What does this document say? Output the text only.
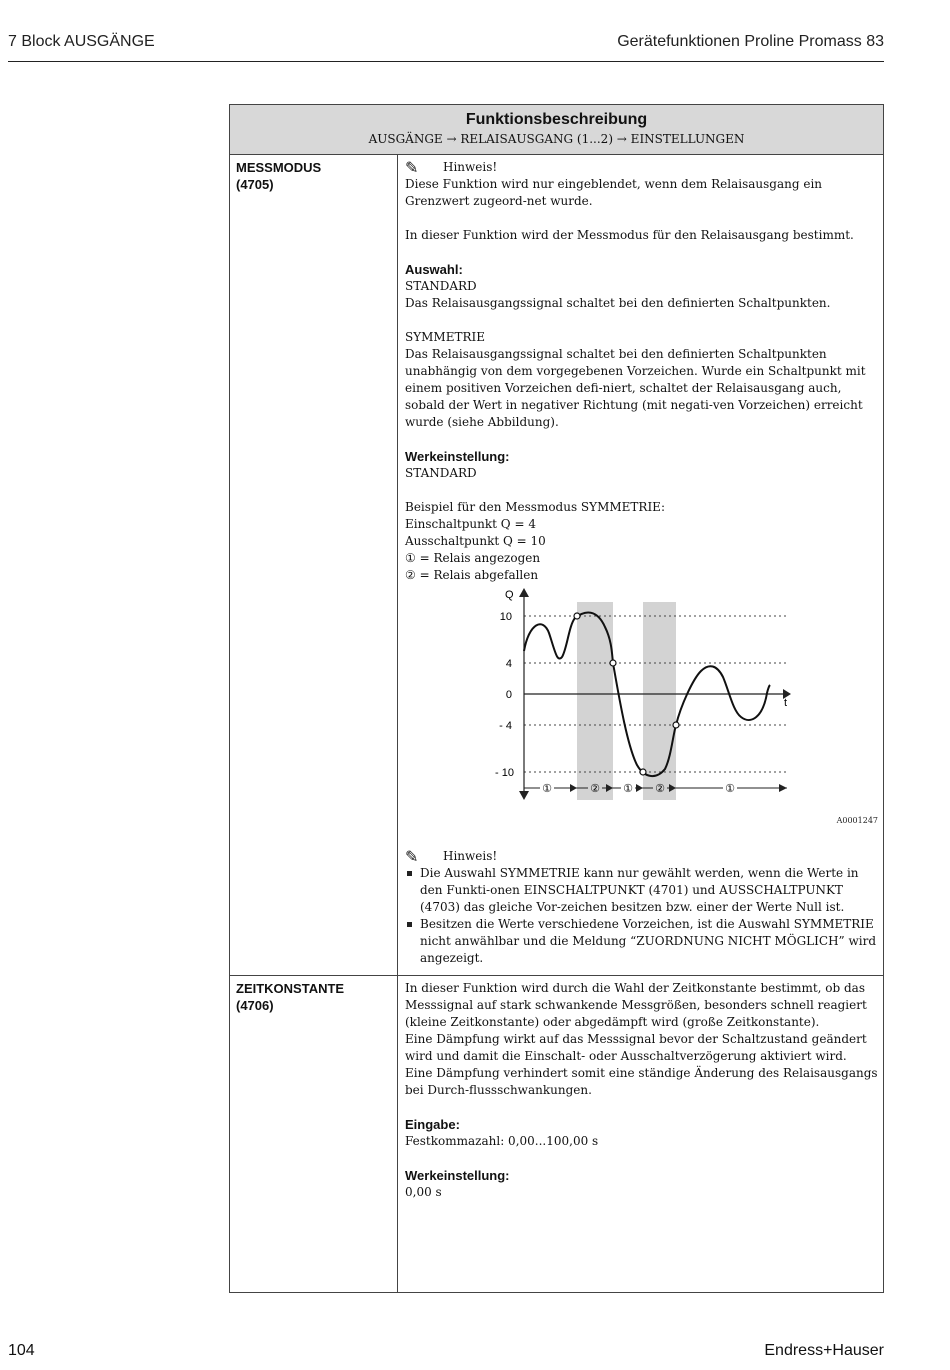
7 Block AUSGÄNGE	Gerätefunktionen Proline Promass 83
Funktionsbeschreibung
AUSGÄNGE → RELAISAUSGANG (1...2) → EINSTELLUNGEN
MESSMODUS
(4705)
✎	Hinweis!

Diese Funktion wird nur eingeblendet, wenn dem Relaisausgang ein Grenzwert zugeord-net wurde.

In dieser Funktion wird der Messmodus für den Relaisausgang bestimmt.

Auswahl:

STANDARD

Das Relaisausgangssignal schaltet bei den definierten Schaltpunkten.

SYMMETRIE

Das Relaisausgangssignal schaltet bei den definierten Schaltpunkten unabhängig von dem vorgegebenen Vorzeichen. Wurde ein Schaltpunkt mit einem positiven Vorzeichen defi-niert, schaltet der Relaisausgang auch, sobald der Wert in negativer Richtung (mit negati-ven Vorzeichen) erreicht wurde (siehe Abbildung).

Werkeinstellung:

STANDARD

Beispiel für den Messmodus SYMMETRIE:

Einschaltpunkt Q = 4

Ausschaltpunkt Q = 10

① = Relais angezogen

② = Relais abgefallen

Q
t
10
4
0
- 4
- 10
①	② ① ②	①
A0001247
✎	Hinweis!
Die Auswahl SYMMETRIE kann nur gewählt werden, wenn die Werte in den Funkti-onen EINSCHALTPUNKT (4701) und AUSSCHALTPUNKT (4703) das gleiche Vor-zeichen besitzen bzw. einer der Werte Null ist.
Besitzen die Werte verschiedene Vorzeichen, ist die Auswahl SYMMETRIE nicht anwählbar und die Meldung “ZUORDNUNG NICHT MÖGLICH” wird angezeigt.
ZEITKONSTANTE
(4706)

In dieser Funktion wird durch die Wahl der Zeitkonstante bestimmt, ob das Messsignal auf stark schwankende Messgrößen, besonders schnell reagiert (kleine Zeitkonstante) oder abgedämpft wird (große Zeitkonstante).

Eine Dämpfung wirkt auf das Messsignal bevor der Schaltzustand geändert wird und damit die Einschalt- oder Ausschaltverzögerung aktiviert wird.

Eine Dämpfung verhindert somit eine ständige Änderung des Relaisausgangs bei Durch-flussschwankungen.

Eingabe:

Festkommazahl: 0,00...100,00 s

Werkeinstellung:

0,00 s

104	Endress+Hauser
